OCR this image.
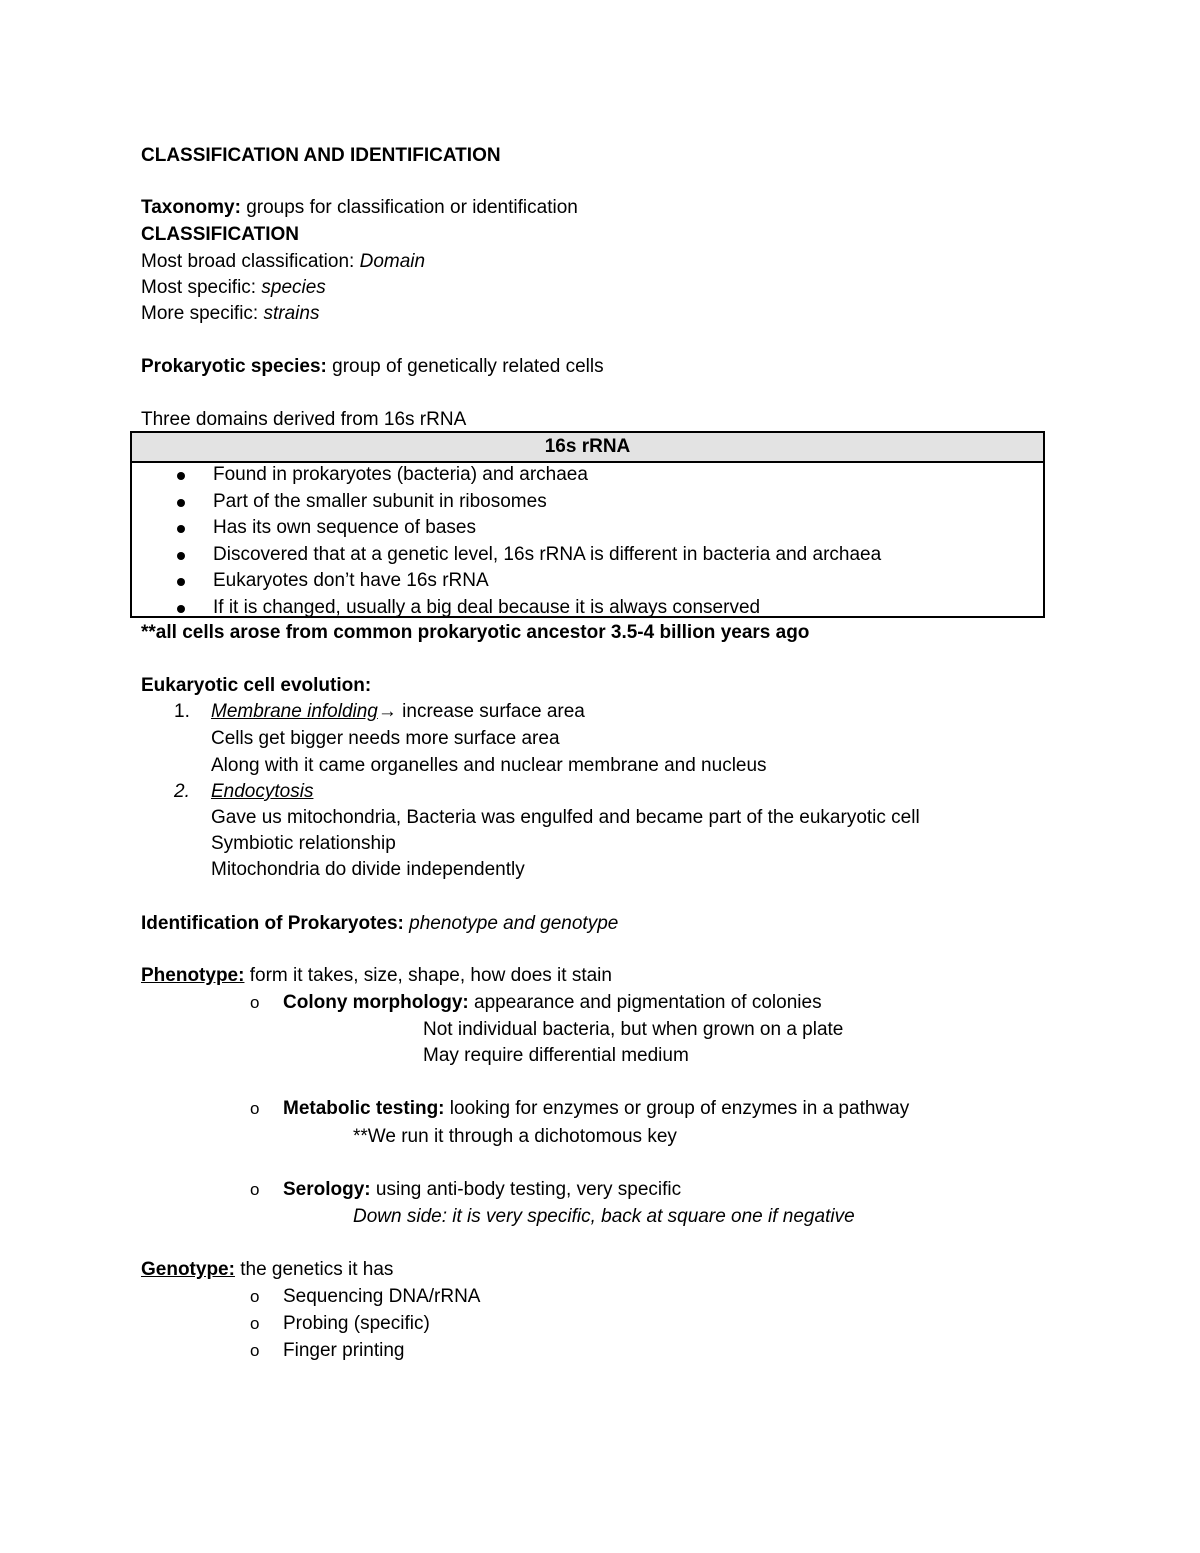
CLASSIFICATION AND IDENTIFICATION
Taxonomy: groups for classification or identification
CLASSIFICATION
Most broad classification: Domain
Most specific: species
More specific: strains
Prokaryotic species: group of genetically related cells
Three domains derived from 16s rRNA
16s rRNA
Found in prokaryotes (bacteria) and archaea
Part of the smaller subunit in ribosomes
Has its own sequence of bases
Discovered that at a genetic level, 16s rRNA is different in bacteria and archaea
Eukaryotes don’t have 16s rRNA
If it is changed, usually a big deal because it is always conserved
**all cells arose from common prokaryotic ancestor 3.5-4 billion years ago
Eukaryotic cell evolution:
1. Membrane infolding→ increase surface area
Cells get bigger needs more surface area
Along with it came organelles and nuclear membrane and nucleus
2. Endocytosis
Gave us mitochondria, Bacteria was engulfed and became part of the eukaryotic cell
Symbiotic relationship
Mitochondria do divide independently
Identification of Prokaryotes: phenotype and genotype
Phenotype: form it takes, size, shape, how does it stain
o Colony morphology: appearance and pigmentation of colonies
Not individual bacteria, but when grown on a plate
May require differential medium
o Metabolic testing: looking for enzymes or group of enzymes in a pathway
**We run it through a dichotomous key
o Serology: using anti-body testing, very specific
Down side: it is very specific, back at square one if negative
Genotype: the genetics it has
o Sequencing DNA/rRNA
o Probing (specific)
o Finger printing
